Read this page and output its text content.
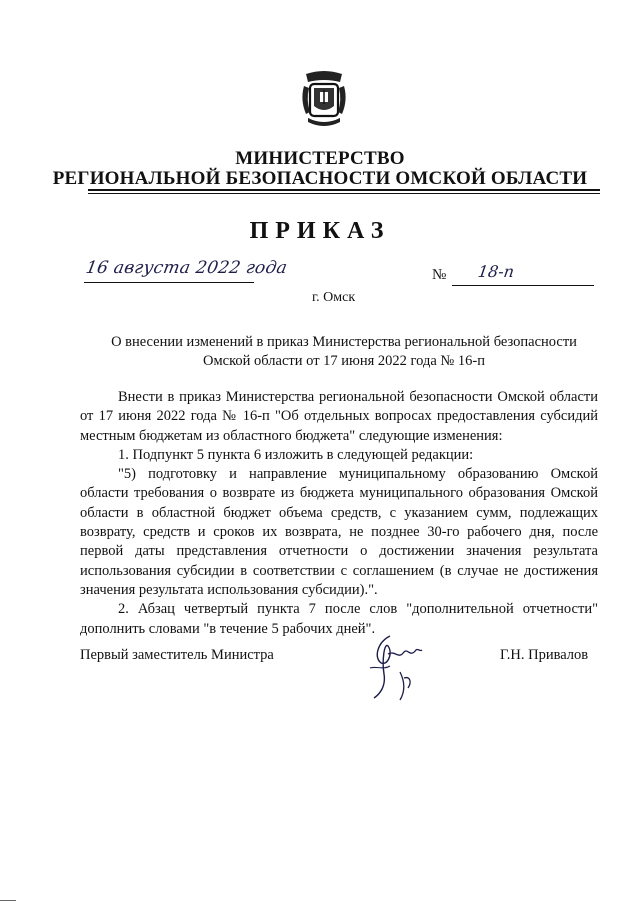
МИНИСТЕРСТВО
РЕГИОНАЛЬНОЙ БЕЗОПАСНОСТИ ОМСКОЙ ОБЛАСТИ
ПРИКАЗ
16 августа 2022 года	№ 18-п
г. Омск
О внесении изменений в приказ Министерства региональной безопасности
Омской области от 17 июня 2022 года № 16-п

Внести в приказ Министерства региональной безопасности Омской области от 17 июня 2022 года № 16-п "Об отдельных вопросах предоставления субсидий местным бюджетам из областного бюджета" следующие изменения:

1. Подпункт 5 пункта 6 изложить в следующей редакции:

"5) подготовку и направление муниципальному образованию Омской области требования о возврате из бюджета муниципального образования Омской области в областной бюджет объема средств, с указанием сумм, подлежащих возврату, средств и сроков их возврата, не позднее 30-го рабочего дня, после первой даты представления отчетности о достижении значения результата использования субсидии в соответствии с соглашением (в случае не достижения значения результата использования субсидии).".

2. Абзац четвертый пункта 7 после слов "дополнительной отчетности" дополнить словами "в течение 5 рабочих дней".

Первый заместитель Министра	Г.Н. Привалов
